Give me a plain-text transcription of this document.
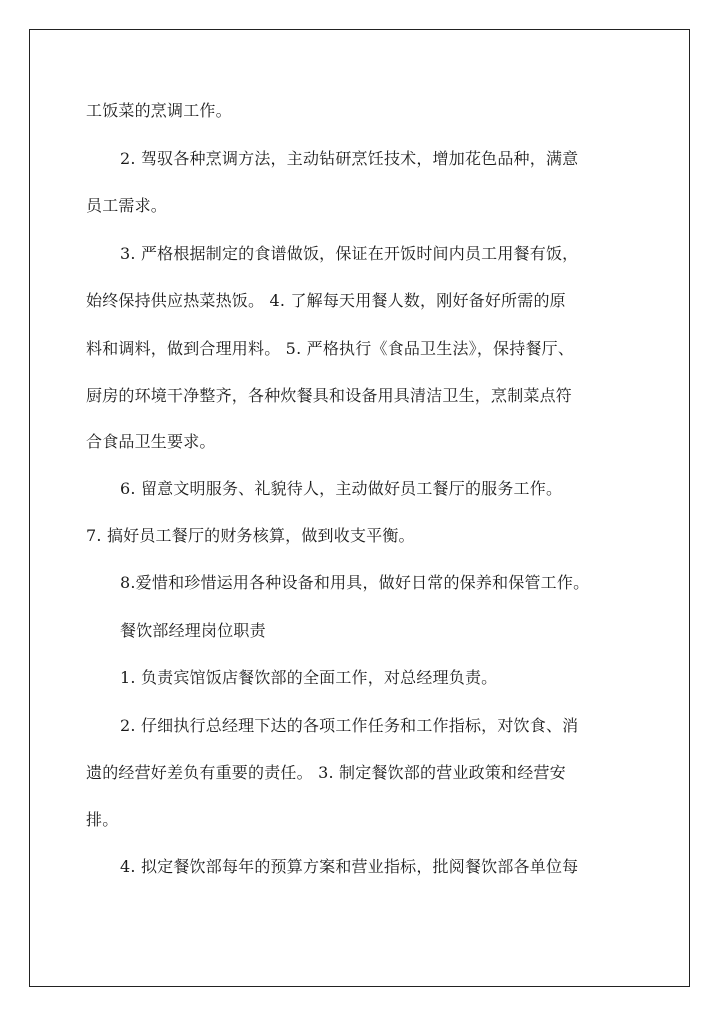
工饭菜的烹调工作。
2. 驾驭各种烹调方法，主动钻研烹饪技术，增加花色品种，满意
员工需求。
3. 严格根据制定的食谱做饭，保证在开饭时间内员工用餐有饭，
始终保持供应热菜热饭。 4. 了解每天用餐人数，刚好备好所需的原
料和调料，做到合理用料。 5. 严格执行《食品卫生法》，保持餐厅、
厨房的环境干净整齐，各种炊餐具和设备用具清洁卫生，烹制菜点符
合食品卫生要求。
6. 留意文明服务、礼貌待人，主动做好员工餐厅的服务工作。
7. 搞好员工餐厅的财务核算，做到收支平衡。
8.爱惜和珍惜运用各种设备和用具，做好日常的保养和保管工作。
餐饮部经理岗位职责
1. 负责宾馆饭店餐饮部的全面工作，对总经理负责。
2. 仔细执行总经理下达的各项工作任务和工作指标，对饮食、消
遗的经营好差负有重要的责任。 3. 制定餐饮部的营业政策和经营安
排。
4. 拟定餐饮部每年的预算方案和营业指标，批阅餐饮部各单位每
